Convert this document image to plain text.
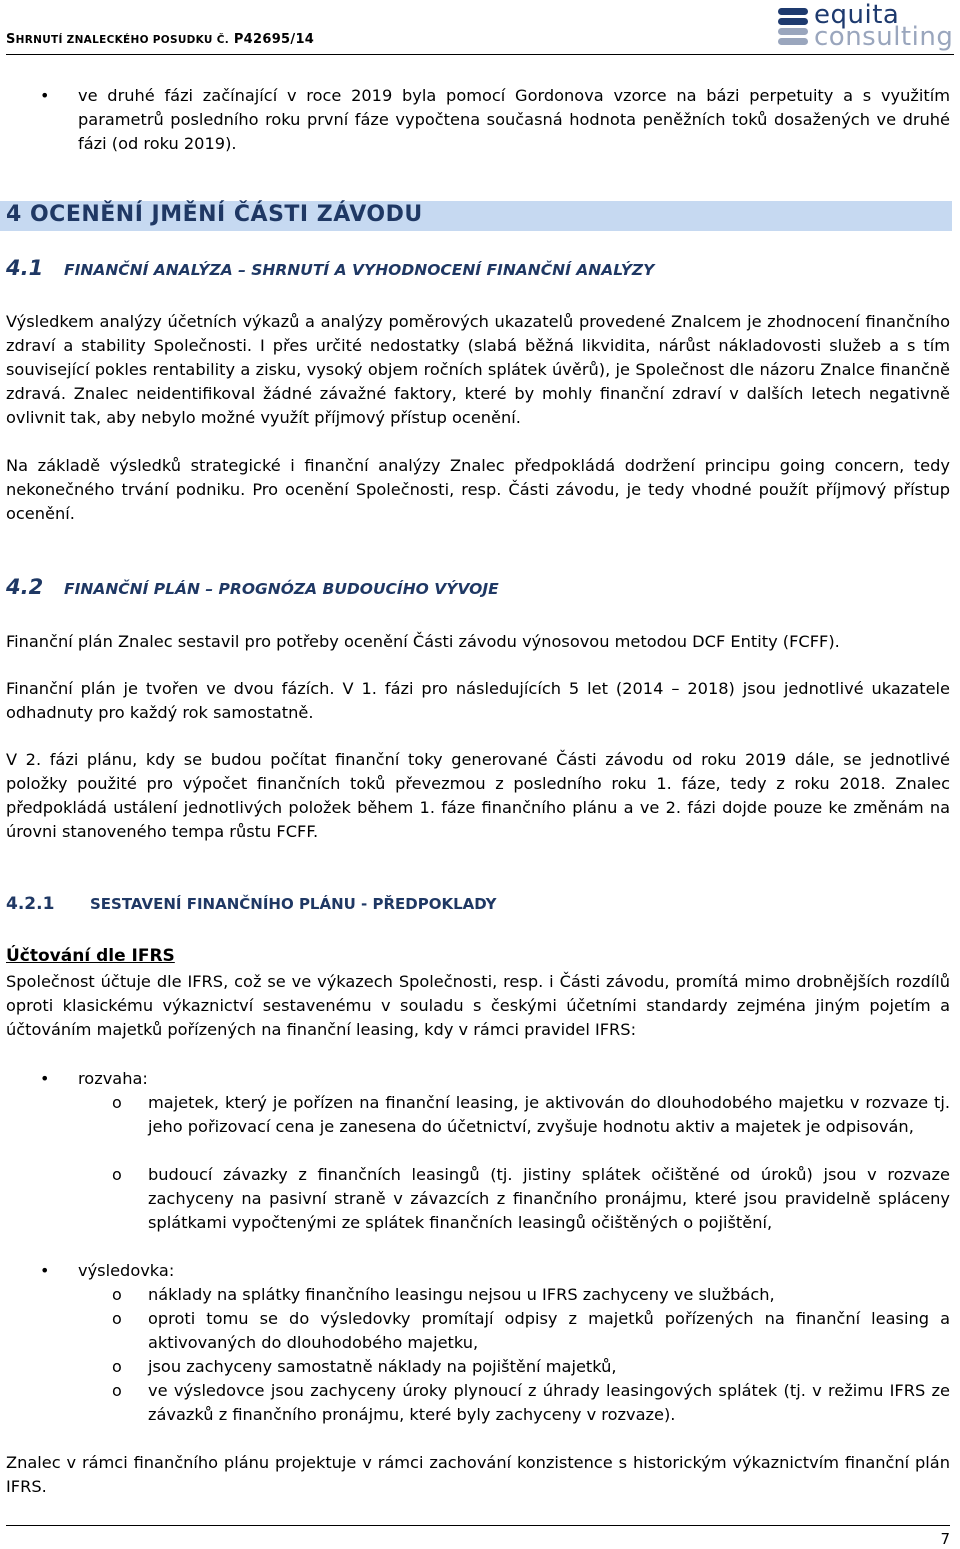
SHRNUTÍ ZNALECKÉHO POSUDKU Č. P42695/14
equita
consulting
• ve druhé fázi začínající v roce 2019 byla pomocí Gordonova vzorce na bázi perpetuity a s využitím parametrů posledního roku první fáze vypočtena současná hodnota peněžních toků dosažených ve druhé fázi (od roku 2019).
4 OCENĚNÍ JMĚNÍ ČÁSTI ZÁVODU
4.1 FINANČNÍ ANALÝZA – SHRNUTÍ A VYHODNOCENÍ FINANČNÍ ANALÝZY
Výsledkem analýzy účetních výkazů a analýzy poměrových ukazatelů provedené Znalcem je zhodnocení finančního zdraví a stability Společnosti. I přes určité nedostatky (slabá běžná likvidita, nárůst nákladovosti služeb a s tím související pokles rentability a zisku, vysoký objem ročních splátek úvěrů), je Společnost dle názoru Znalce finančně zdravá. Znalec neidentifikoval žádné závažné faktory, které by mohly finanční zdraví v dalších letech negativně ovlivnit tak, aby nebylo možné využít příjmový přístup ocenění.
Na základě výsledků strategické i finanční analýzy Znalec předpokládá dodržení principu going concern, tedy nekonečného trvání podniku. Pro ocenění Společnosti, resp. Části závodu, je tedy vhodné použít příjmový přístup ocenění.
4.2 FINANČNÍ PLÁN – PROGNÓZA BUDOUCÍHO VÝVOJE
Finanční plán Znalec sestavil pro potřeby ocenění Části závodu výnosovou metodou DCF Entity (FCFF).
Finanční plán je tvořen ve dvou fázích. V 1. fázi pro následujících 5 let (2014 – 2018) jsou jednotlivé ukazatele odhadnuty pro každý rok samostatně.
V 2. fázi plánu, kdy se budou počítat finanční toky generované Části závodu od roku 2019 dále, se jednotlivé položky použité pro výpočet finančních toků převezmou z posledního roku 1. fáze, tedy z roku 2018. Znalec předpokládá ustálení jednotlivých položek během 1. fáze finančního plánu a ve 2. fázi dojde pouze ke změnám na úrovni stanoveného tempa růstu FCFF.
4.2.1 SESTAVENÍ FINANČNÍHO PLÁNU - PŘEDPOKLADY
Účtování dle IFRS
Společnost účtuje dle IFRS, což se ve výkazech Společnosti, resp. i Části závodu, promítá mimo drobnějších rozdílů oproti klasickému výkaznictví sestavenému v souladu s českými účetními standardy zejména jiným pojetím a účtováním majetků pořízených na finanční leasing, kdy v rámci pravidel IFRS:
• rozvaha:
o majetek, který je pořízen na finanční leasing, je aktivován do dlouhodobého majetku v rozvaze tj. jeho pořizovací cena je zanesena do účetnictví, zvyšuje hodnotu aktiv a majetek je odpisován,
o budoucí závazky z finančních leasingů (tj. jistiny splátek očištěné od úroků) jsou v rozvaze zachyceny na pasivní straně v závazcích z finančního pronájmu, které jsou pravidelně spláceny splátkami vypočtenými ze splátek finančních leasingů očištěných o pojištění,
• výsledovka:
o náklady na splátky finančního leasingu nejsou u IFRS zachyceny ve službách,
o oproti tomu se do výsledovky promítají odpisy z majetků pořízených na finanční leasing a aktivovaných do dlouhodobého majetku,
o jsou zachyceny samostatně náklady na pojištění majetků,
o ve výsledovce jsou zachyceny úroky plynoucí z úhrady leasingových splátek (tj. v režimu IFRS ze závazků z finančního pronájmu, které byly zachyceny v rozvaze).
Znalec v rámci finančního plánu projektuje v rámci zachování konzistence s historickým výkaznictvím finanční plán IFRS.
7
